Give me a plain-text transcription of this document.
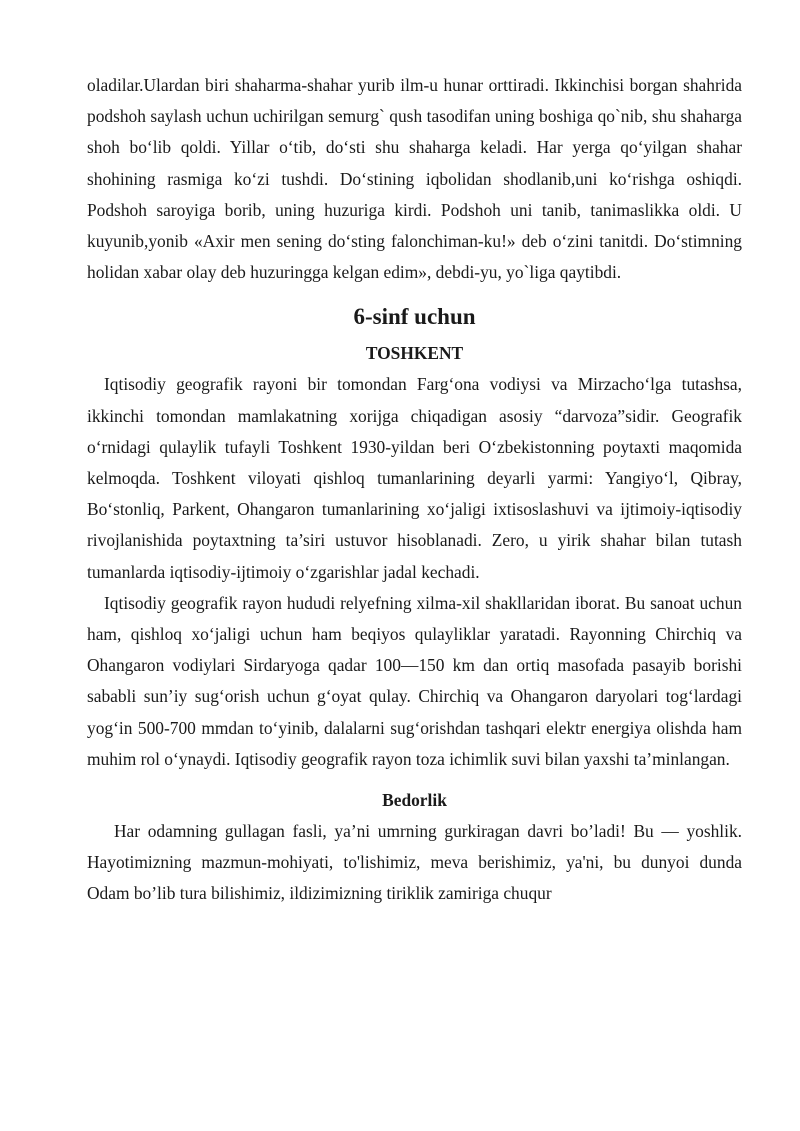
oladilar.Ulardan biri shaharma-shahar yurib ilm-u hunar orttiradi. Ikkinchisi borgan shahrida podshoh saylash uchun uchirilgan semurg` qush tasodifan uning boshiga qo`nib, shu shaharga shoh bo‘lib qoldi. Yillar o‘tib, do‘sti shu shaharga keladi. Har yerga qo‘yilgan shahar shohining rasmiga ko‘zi tushdi. Do‘stining iqbolidan shodlanib,uni ko‘rishga oshiqdi. Podshoh saroyiga borib, uning huzuriga kirdi. Podshoh uni tanib, tanimaslikka oldi. U kuyunib,yonib «Axir men sening do‘sting falonchiman-ku!» deb o‘zini tanitdi. Do‘stimning holidan xabar olay deb huzuringga kelgan edim», debdi-yu, yo`liga qaytibdi.

6-sinf uchun
TOSHKENT

Iqtisodiy geografik rayoni bir tomondan Farg‘ona vodiysi va Mirzacho‘lga tutashsa, ikkinchi tomondan mamlakatning xorijga chiqadigan asosiy “darvoza”sidir. Geografik o‘rnidagi qulaylik tufayli Toshkent 1930-yildan beri O‘zbekistonning poytaxti maqomida kelmoqda. Toshkent viloyati qishloq tumanlarining deyarli yarmi: Yangiyo‘l, Qibray, Bo‘stonliq, Parkent, Ohangaron tumanlarining xo‘jaligi ixtisoslashuvi va ijtimoiy-iqtisodiy rivojlanishida poytaxtning ta’siri ustuvor hisoblanadi. Zero, u yirik shahar bilan tutash tumanlarda iqtisodiy-ijtimoiy o‘zgarishlar jadal kechadi.

Iqtisodiy geografik rayon hududi relyefning xilma-xil shakllaridan iborat. Bu sanoat uchun ham, qishloq xo‘jaligi uchun ham beqiyos qulayliklar yaratadi. Rayonning Chirchiq va Ohangaron vodiylari Sirdaryoga qadar 100—150 km dan ortiq masofada pasayib borishi sababli sun’iy sug‘orish uchun g‘oyat qulay. Chirchiq va Ohangaron daryolari tog‘lardagi yog‘in 500-700 mmdan to‘yinib, dalalarni sug‘orishdan tashqari elektr energiya olishda ham muhim rol o‘ynaydi. Iqtisodiy geografik rayon toza ichimlik suvi bilan yaxshi ta’minlangan.

Bedorlik

Har odamning gullagan fasli, ya’ni umrning gurkiragan davri bo’ladi! Bu — yoshlik. Hayotimizning mazmun-mohiyati, to'lishimiz, meva berishimiz, ya'ni, bu dunyoi dunda Odam bo’lib tura bilishimiz, ildizimizning tiriklik zamiriga chuqur
